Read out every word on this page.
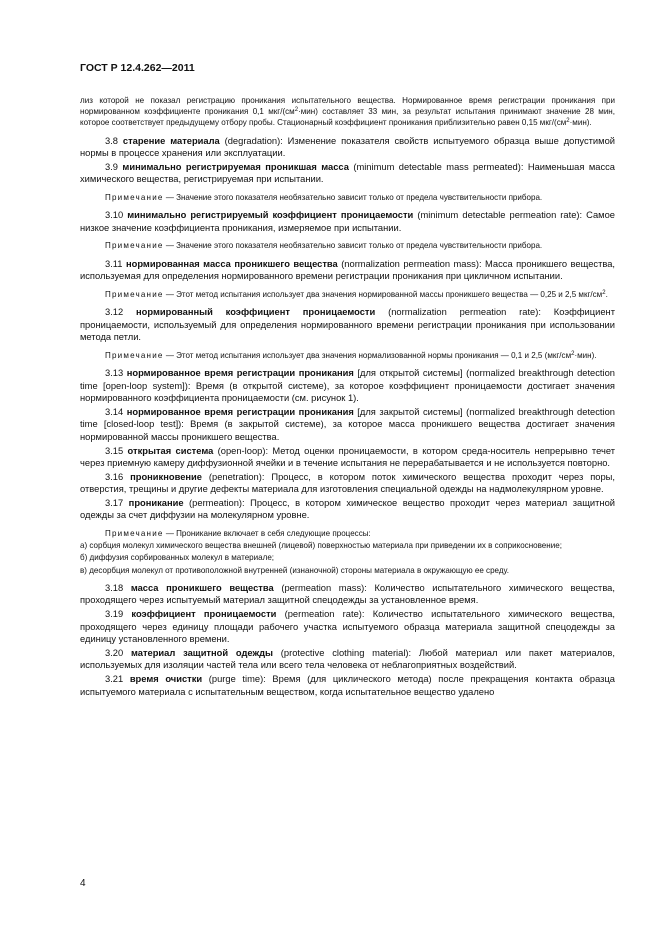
ГОСТ Р 12.4.262—2011

лиз которой не показал регистрацию проникания испытательного вещества. Нормированное время регистрации проникания при нормированном коэффициенте проникания 0,1 мкг/$(см^2\cdot мин)$ составляет 33 мин, за результат испытания принимают значение 28 мин, которое соответствует предыдущему отбору пробы. Стационарный коэффициент проникания приблизительно равен 0,15 мкг/$(см^2\cdot мин)$.

3.8 старение материала (degradation): Изменение показателя свойств испытуемого образца выше допустимой нормы в процессе хранения или эксплуатации.

3.9 минимально регистрируемая проникшая масса (minimum detectable mass permeated): Наименьшая масса химического вещества, регистрируемая при испытании.

Примечание — Значение этого показателя необязательно зависит только от предела чувствительности прибора.

3.10 минимально регистрируемый коэффициент проницаемости (minimum detectable permeation rate): Самое низкое значение коэффициента проникания, измеряемое при испытании.

Примечание — Значение этого показателя необязательно зависит только от предела чувствительности прибора.

3.11 нормированная масса проникшего вещества (normalization permeation mass): Масса проникшего вещества, используемая для определения нормированного времени регистрации проникания при цикличном испытании.

Примечание — Этот метод испытания использует два значения нормированной массы проникшего вещества — 0,25 и 2,5 мкг/$см^2$.

3.12 нормированный коэффициент проницаемости (normalization permeation rate): Коэффициент проницаемости, используемый для определения нормированного времени регистрации проникания при использовании метода петли.

Примечание — Этот метод испытания использует два значения нормализованной нормы проникания — 0,1 и 2,5 $(мкг/см^2\cdot мин)$.

3.13 нормированное время регистрации проникания [для открытой системы] (normalized breakthrough detection time [open-loop system]): Время (в открытой системе), за которое коэффициент проницаемости достигает значения нормированного коэффициента проницаемости (см. рисунок 1).

3.14 нормированное время регистрации проникания [для закрытой системы] (normalized breakthrough detection time [closed-loop test]): Время (в закрытой системе), за которое масса проникшего вещества достигает значения нормированной массы проникшего вещества.

3.15 открытая система (open-loop): Метод оценки проницаемости, в котором среда-носитель непрерывно течет через приемную камеру диффузионной ячейки и в течение испытания не перерабатывается и не используется повторно.

3.16 проникновение (penetration): Процесс, в котором поток химического вещества проходит через поры, отверстия, трещины и другие дефекты материала для изготовления специальной одежды на надмолекулярном уровне.

3.17 проникание (permeation): Процесс, в котором химическое вещество проходит через материал защитной одежды за счет диффузии на молекулярном уровне.

Примечание — Проникание включает в себя следующие процессы:

а) сорбция молекул химического вещества внешней (лицевой) поверхностью материала при приведении их в соприкосновение;

б) диффузия сорбированных молекул в материале;

в) десорбция молекул от противоположной внутренней (изнаночной) стороны материала в окружающую ее среду.

3.18 масса проникшего вещества (permeation mass): Количество испытательного химического вещества, проходящего через испытуемый материал защитной спецодежды за установленное время.

3.19 коэффициент проницаемости (permeation rate): Количество испытательного химического вещества, проходящего через единицу площади рабочего участка испытуемого образца материала защитной спецодежды за единицу установленного времени.

3.20 материал защитной одежды (protective clothing material): Любой материал или пакет материалов, используемых для изоляции частей тела или всего тела человека от неблагоприятных воздействий.

3.21 время очистки (purge time): Время (для циклического метода) после прекращения контакта образца испытуемого материала с испытательным веществом, когда испытательное вещество удалено

4
